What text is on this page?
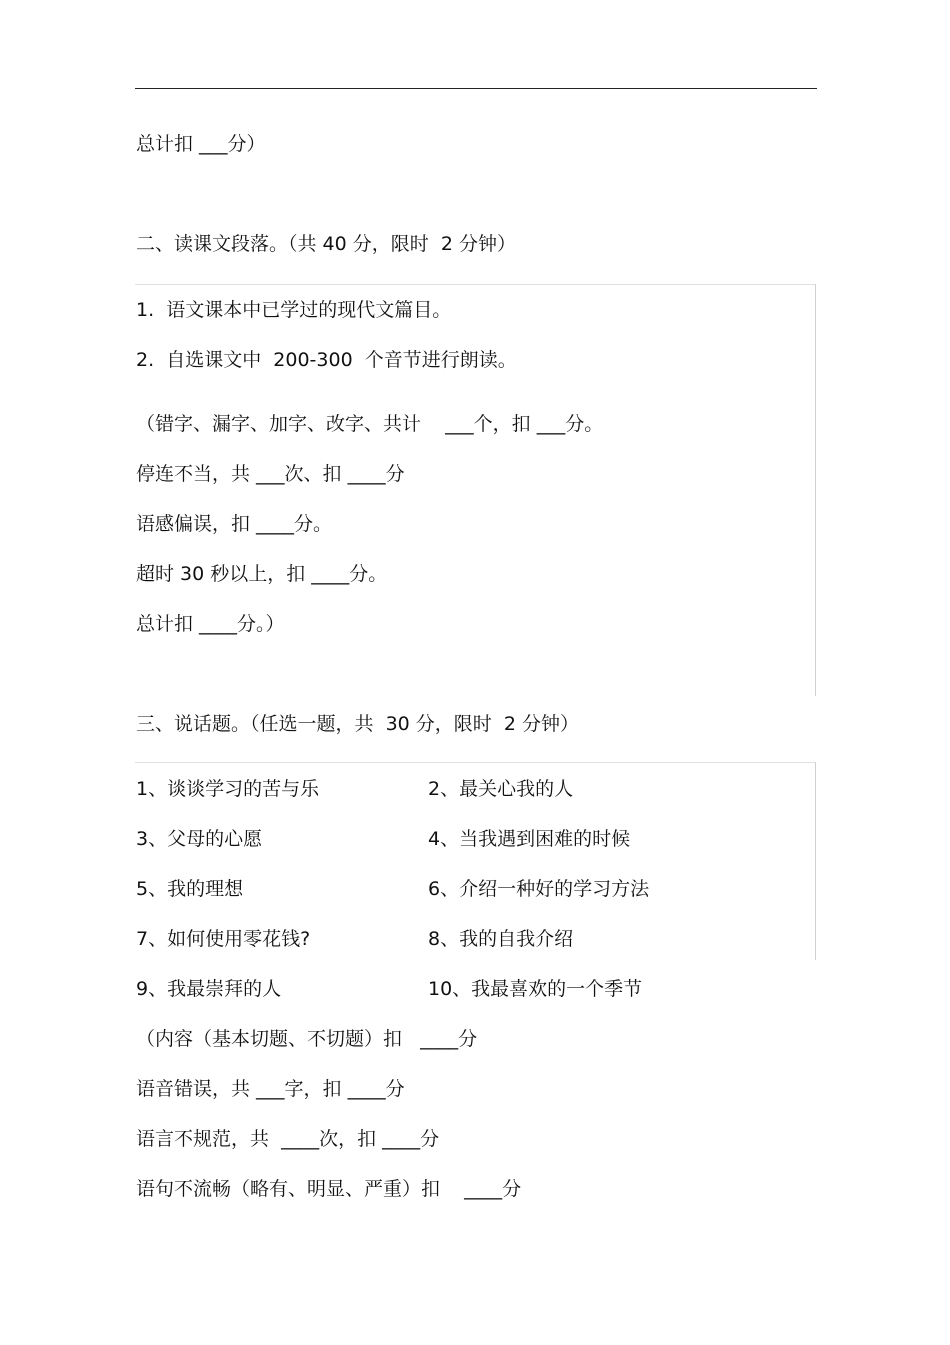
总计扣 ___分）
二、读课文段落。（共 40 分，限时  2 分钟）
1.  语文课本中已学过的现代文篇目。
2.  自选课文中  200-300  个音节进行朗读。
（错字、漏字、加字、改字、共计    ___个，扣 ___分。
停连不当，共 ___次、扣 ____分
语感偏误，扣 ____分。
超时 30 秒以上，扣 ____分。
总计扣 ____分。）
三、说话题。（任选一题，共  30 分，限时  2 分钟）
1、谈谈学习的苦与乐	2、最关心我的人
3、父母的心愿	4、当我遇到困难的时候
5、我的理想	6、介绍一种好的学习方法
7、如何使用零花钱?	8、我的自我介绍
9、我最崇拜的人	10、我最喜欢的一个季节
（内容（基本切题、不切题）扣   ____分
语音错误，共 ___字，扣 ____分
语言不规范，共  ____次，扣 ____分
语句不流畅（略有、明显、严重）扣    ____分
